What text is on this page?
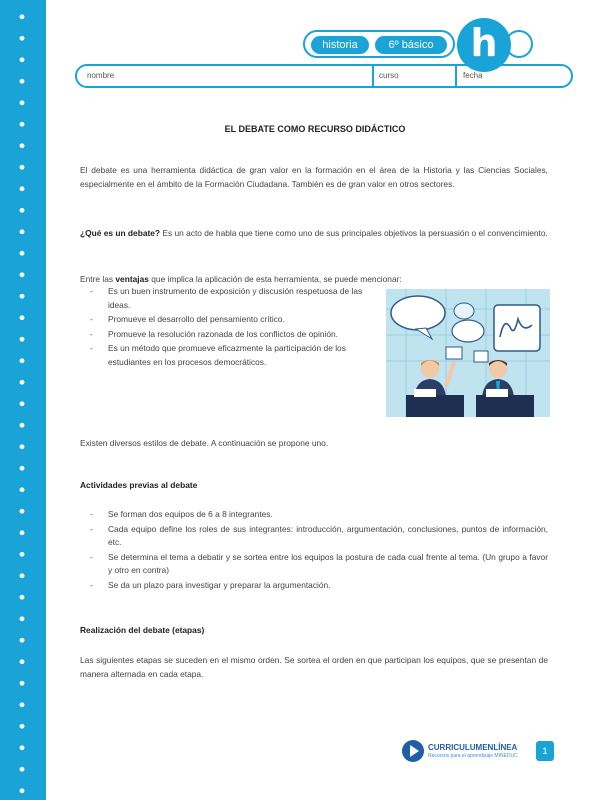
historia	6º básico h
nombre	curso	fecha
EL DEBATE COMO RECURSO DIDÁCTICO

El debate es una herramienta didáctica de gran valor en la formación en el área de la Historia y las Ciencias Sociales, especialmente en el ámbito de la Formación Ciudadana. También es de gran valor en otros sectores.

¿Qué es un debate? Es un acto de habla que tiene como uno de sus principales objetivos la persuasión o el convencimiento.

Entre las ventajas que implica la aplicación de esta herramienta, se puede mencionar:

- Es un buen instrumento de exposición y discusión respetuosa de las ideas.
- Promueve el desarrollo del pensamiento crítico.
- Promueve la resolución razonada de los conflictos de opinión.
- Es un método que promueve eficazmente la participación de los estudiantes en los procesos democráticos.

Existen diversos estilos de debate. A continuación se propone uno.

Actividades previas al debate
- Se forman dos equipos de 6 a 8 integrantes.
- Cada equipo define los roles de sus integrantes: introducción, argumentación, conclusiones, puntos de información, etc.
- Se determina el tema a debatir y se sortea entre los equipos la postura de cada cual frente al tema. (Un grupo a favor y otro en contra)
- Se da un plazo para investigar y preparar la argumentación.
Realización del debate (etapas)

Las siguientes etapas se suceden en el mismo orden. Se sortea el orden en que participan los equipos, que se presentan de manera alternada en cada etapa.

CURRICULUMENLÍNEA
Recursos para el aprendizaje MINEDUC	1
